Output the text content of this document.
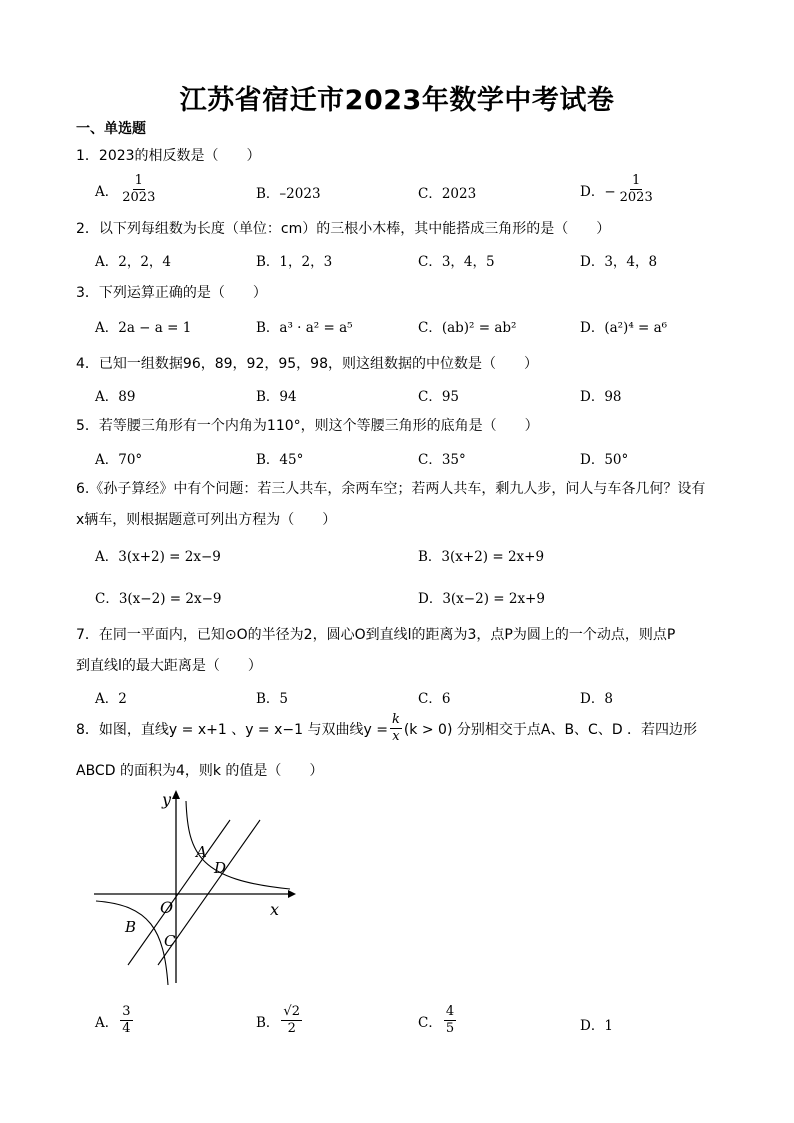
江苏省宿迁市2023年数学中考试卷
一、单选题
1．2023的相反数是（　　）
A． $\frac{1}{2023}$	B．–2023	C．2023	D．− $\frac{1}{2023}$
2．以下列每组数为长度（单位：cm）的三根小木棒，其中能搭成三角形的是（　　）
A．2，2，4	B．1，2，3	C．3，4，5	D．3，4，8
3．下列运算正确的是（　　）
A．2a − a = 1	B．a³ · a² = a⁵	C．(ab)² = ab²	D．(a²)⁴ = a⁶
4．已知一组数据96，89，92，95，98，则这组数据的中位数是（　　）
A．89	B．94	C．95	D．98
5．若等腰三角形有一个内角为110°，则这个等腰三角形的底角是（　　）
A．70°	B．45°	C．35°	D．50°
6.《孙子算经》中有个问题：若三人共车，余两车空；若两人共车，剩九人步，问人与车各几何？设有
x辆车，则根据题意可列出方程为（　　）
A．3(x+2) = 2x−9	B．3(x+2) = 2x+9
C．3(x−2) = 2x−9	D．3(x−2) = 2x+9
7．在同一平面内，已知⊙O的半径为2，圆心O到直线l的距离为3，点P为圆上的一个动点，则点P
到直线l的最大距离是（　　）
A．2	B．5	C．6	D．8
8．如图，直线y = x+1 、y = x−1 与双曲线$y = \frac{k}{x} (k > 0)$ 分别相交于点A、B、C、D ．若四边形
ABCD 的面积为4，则k 的值是（　　）
y
x
O
A
D
B
C
A． $\frac{3}{4}$	B． $\frac{√2}{2}$	C． $\frac{4}{5}$	D．1
